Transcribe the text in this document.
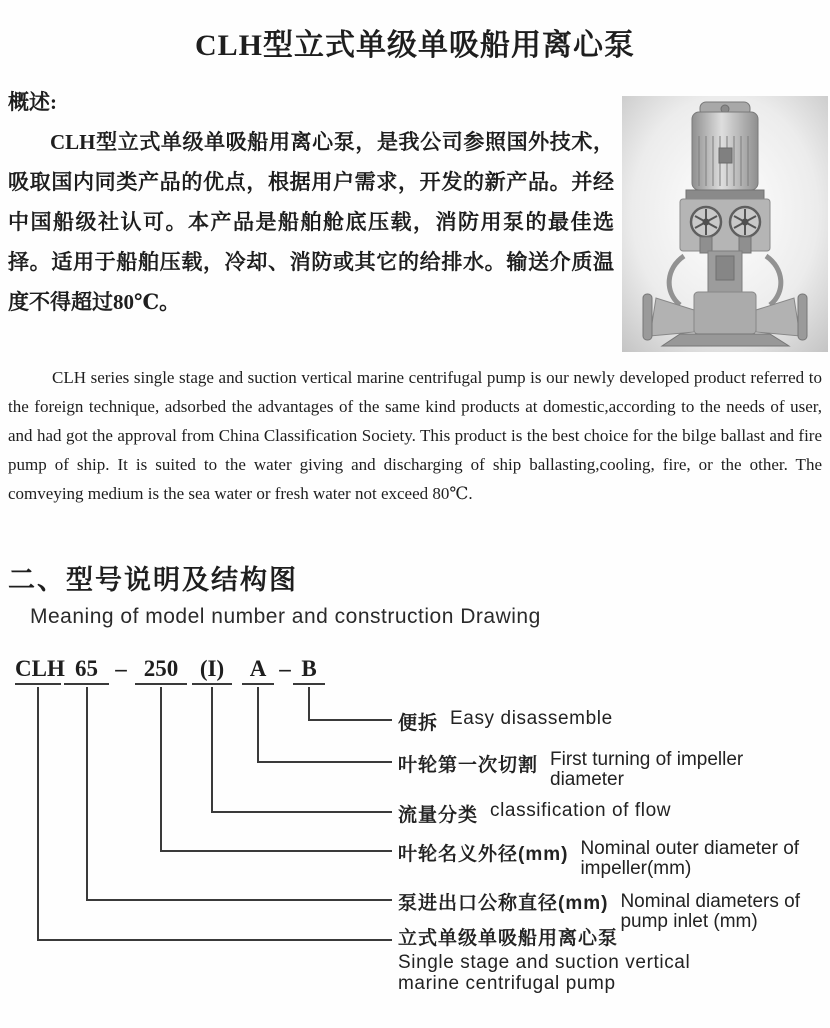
CLH型立式单级单吸船用离心泵
概述:

CLH型立式单级单吸船用离心泵，是我公司参照国外技术，吸取国内同类产品的优点，根据用户需求，开发的新产品。并经中国船级社认可。本产品是船舶舱底压载，消防用泵的最佳选择。适用于船舶压载，冷却、消防或其它的给排水。输送介质温度不得超过80℃。

CLH series single stage and suction vertical marine centrifugal pump is our newly developed product referred to the foreign technique, adsorbed the advantages of the same kind products at domestic,according to the needs of user, and had got the approval from China Classification Society. This product is the best choice for the bilge ballast and fire pump of ship. It is suited to the water giving and discharging of ship ballasting,cooling, fire, or the other. The comveying medium is the sea water or fresh water not exceed 80℃.

二、型号说明及结构图
Meaning of model number and construction Drawing
CLH 65 – 250 (I)	A – B
便拆 Easy disassemble
叶轮第一次切割 First turning of impeller
diameter
流量分类 classification of flow
叶轮名义外径(mm) Nominal outer diameter of
impeller(mm)
泵进出口公称直径(mm) Nominal diameters of
pump inlet (mm)
立式单级单吸船用离心泵
Single stage and suction vertical
marine centrifugal pump
